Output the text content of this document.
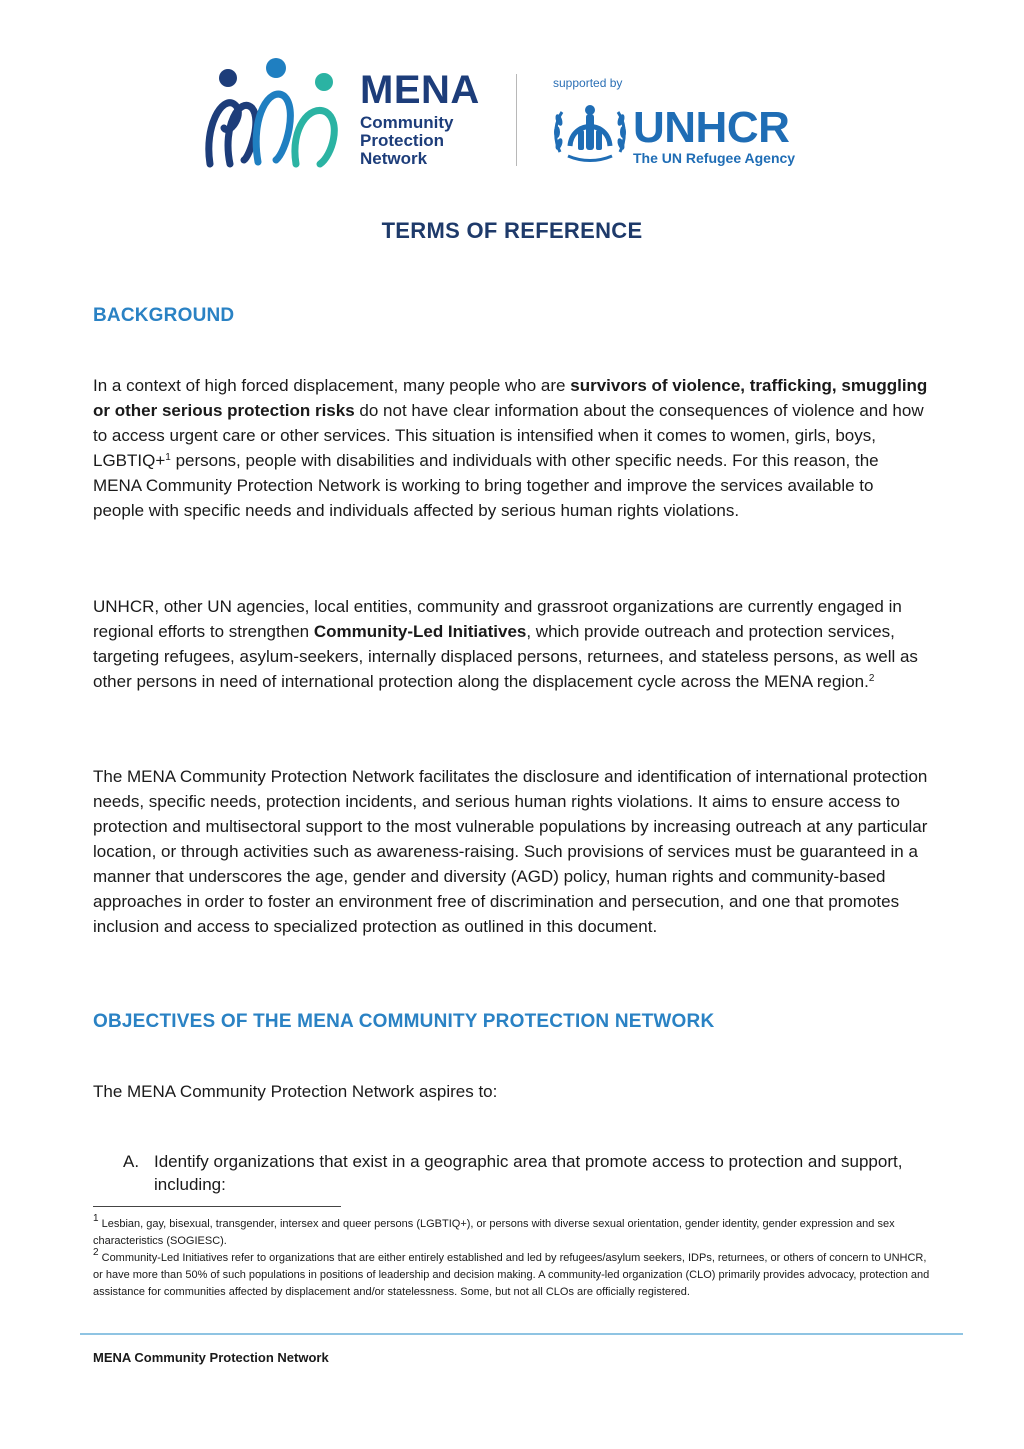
MENA
Community
Protection
Network
supported by
UNHCR
The UN Refugee Agency
TERMS OF REFERENCE
BACKGROUND
In a context of high forced displacement, many people who are survivors of violence, trafficking, smuggling or other serious protection risks do not have clear information about the consequences of violence and how to access urgent care or other services. This situation is intensified when it comes to women, girls, boys, LGBTIQ+$^1$ persons, people with disabilities and individuals with other specific needs. For this reason, the MENA Community Protection Network is working to bring together and improve the services available to people with specific needs and individuals affected by serious human rights violations.
UNHCR, other UN agencies, local entities, community and grassroot organizations are currently engaged in regional efforts to strengthen Community-Led Initiatives, which provide outreach and protection services, targeting refugees, asylum-seekers, internally displaced persons, returnees, and stateless persons, as well as other persons in need of international protection along the displacement cycle across the MENA region.$^2$
The MENA Community Protection Network facilitates the disclosure and identification of international protection needs, specific needs, protection incidents, and serious human rights violations. It aims to ensure access to protection and multisectoral support to the most vulnerable populations by increasing outreach at any particular location, or through activities such as awareness-raising. Such provisions of services must be guaranteed in a manner that underscores the age, gender and diversity (AGD) policy, human rights and community-based approaches in order to foster an environment free of discrimination and persecution, and one that promotes inclusion and access to specialized protection as outlined in this document.
OBJECTIVES OF THE MENA COMMUNITY PROTECTION NETWORK
The MENA Community Protection Network aspires to:
A. Identify organizations that exist in a geographic area that promote access to protection and support, including:

$^1$ Lesbian, gay, bisexual, transgender, intersex and queer persons (LGBTIQ+), or persons with diverse sexual orientation, gender identity, gender expression and sex characteristics (SOGIESC).

$^2$ Community-Led Initiatives refer to organizations that are either entirely established and led by refugees/asylum seekers, IDPs, returnees, or others of concern to UNHCR, or have more than 50% of such populations in positions of leadership and decision making. A community-led organization (CLO) primarily provides advocacy, protection and assistance for communities affected by displacement and/or statelessness. Some, but not all CLOs are officially registered.

MENA Community Protection Network
